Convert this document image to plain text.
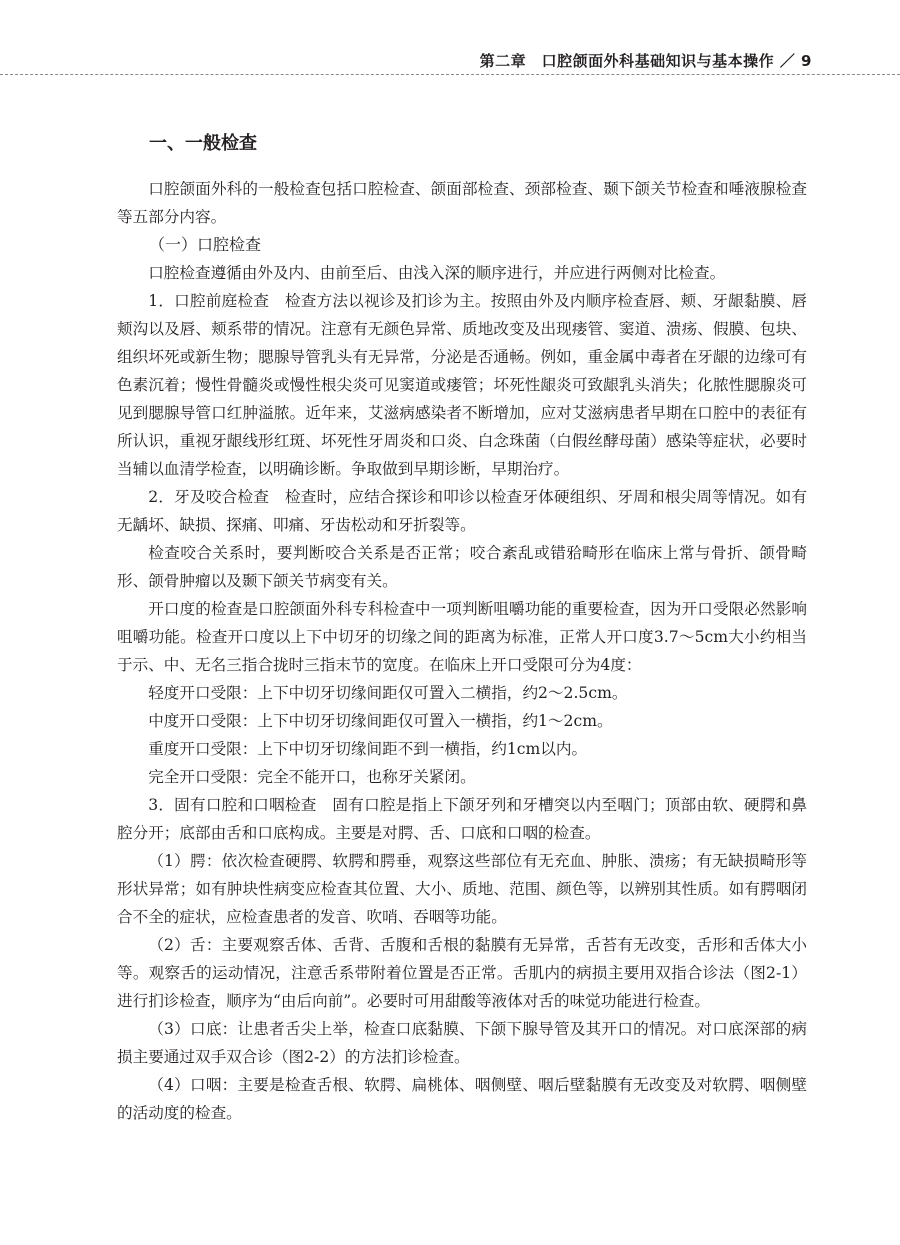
第二章　口腔颌面外科基础知识与基本操作 ／ 9
一、一般检查

口腔颌面外科的一般检查包括口腔检查、颌面部检查、颈部检查、颞下颌关节检查和唾液腺检查等五部分内容。

（一）口腔检查

口腔检查遵循由外及内、由前至后、由浅入深的顺序进行，并应进行两侧对比检查。

1．口腔前庭检查　检查方法以视诊及扪诊为主。按照由外及内顺序检查唇、颊、牙龈黏膜、唇颊沟以及唇、颊系带的情况。注意有无颜色异常、质地改变及出现瘘管、窦道、溃疡、假膜、包块、组织坏死或新生物；腮腺导管乳头有无异常，分泌是否通畅。例如，重金属中毒者在牙龈的边缘可有色素沉着；慢性骨髓炎或慢性根尖炎可见窦道或瘘管；坏死性龈炎可致龈乳头消失；化脓性腮腺炎可见到腮腺导管口红肿溢脓。近年来，艾滋病感染者不断增加，应对艾滋病患者早期在口腔中的表征有所认识，重视牙龈线形红斑、坏死性牙周炎和口炎、白念珠菌（白假丝酵母菌）感染等症状，必要时当辅以血清学检查，以明确诊断。争取做到早期诊断，早期治疗。

2．牙及咬合检查　检查时，应结合探诊和叩诊以检查牙体硬组织、牙周和根尖周等情况。如有无龋坏、缺损、探痛、叩痛、牙齿松动和牙折裂等。

检查咬合关系时，要判断咬合关系是否正常；咬合紊乱或错𬌗畸形在临床上常与骨折、颌骨畸形、颌骨肿瘤以及颞下颌关节病变有关。

开口度的检查是口腔颌面外科专科检查中一项判断咀嚼功能的重要检查，因为开口受限必然影响咀嚼功能。检查开口度以上下中切牙的切缘之间的距离为标准，正常人开口度3.7～5cm大小约相当于示、中、无名三指合拢时三指末节的宽度。在临床上开口受限可分为4度：

轻度开口受限：上下中切牙切缘间距仅可置入二横指，约2～2.5cm。

中度开口受限：上下中切牙切缘间距仅可置入一横指，约1～2cm。

重度开口受限：上下中切牙切缘间距不到一横指，约1cm以内。

完全开口受限：完全不能开口，也称牙关紧闭。

3．固有口腔和口咽检查　固有口腔是指上下颌牙列和牙槽突以内至咽门；顶部由软、硬腭和鼻腔分开；底部由舌和口底构成。主要是对腭、舌、口底和口咽的检查。

（1）腭：依次检查硬腭、软腭和腭垂，观察这些部位有无充血、肿胀、溃疡；有无缺损畸形等形状异常；如有肿块性病变应检查其位置、大小、质地、范围、颜色等，以辨别其性质。如有腭咽闭合不全的症状，应检查患者的发音、吹哨、吞咽等功能。

（2）舌：主要观察舌体、舌背、舌腹和舌根的黏膜有无异常，舌苔有无改变，舌形和舌体大小等。观察舌的运动情况，注意舌系带附着位置是否正常。舌肌内的病损主要用双指合诊法（图2-1）进行扪诊检查，顺序为“由后向前”。必要时可用甜酸等液体对舌的味觉功能进行检查。

（3）口底：让患者舌尖上举，检查口底黏膜、下颌下腺导管及其开口的情况。对口底深部的病损主要通过双手双合诊（图2-2）的方法扪诊检查。

（4）口咽：主要是检查舌根、软腭、扁桃体、咽侧壁、咽后壁黏膜有无改变及对软腭、咽侧壁的活动度的检查。
